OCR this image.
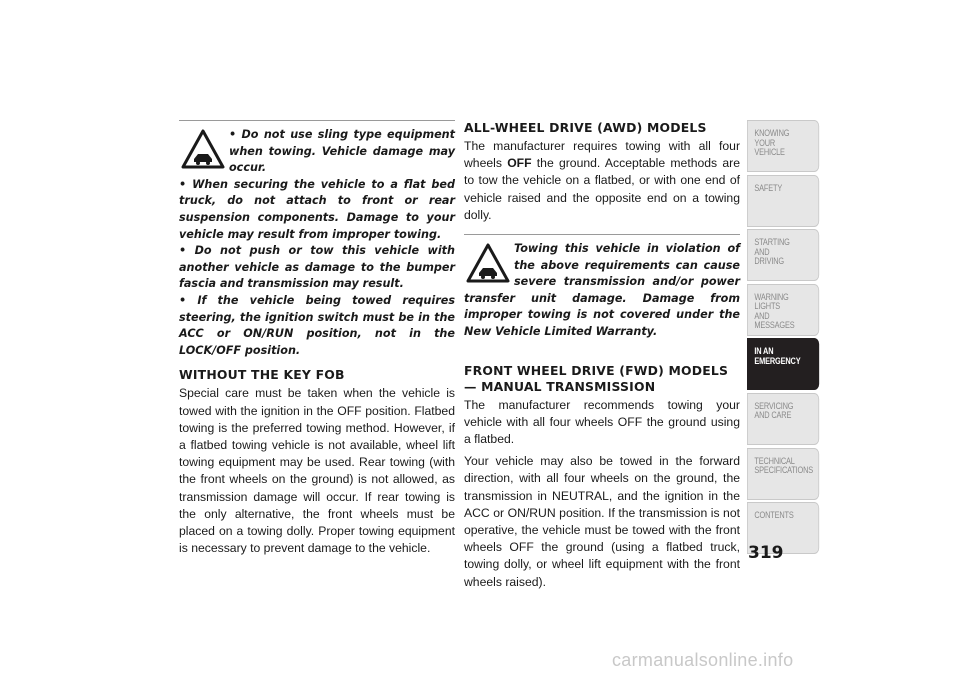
• Do not use sling type equipment when towing. Vehicle damage may occur.

• When securing the vehicle to a flat bed truck, do not attach to front or rear suspension components. Damage to your vehicle may result from improper towing.

• Do not push or tow this vehicle with another vehicle as damage to the bumper fascia and transmission may result.

• If the vehicle being towed requires steering, the ignition switch must be in the ACC or ON/RUN position, not in the LOCK/OFF position.

WITHOUT THE KEY FOB

Special care must be taken when the vehicle is towed with the ignition in the OFF position. Flatbed towing is the preferred towing method. However, if a flatbed towing vehicle is not available, wheel lift towing equipment may be used. Rear towing (with the front wheels on the ground) is not allowed, as transmission damage will occur. If rear towing is the only alternative, the front wheels must be placed on a towing dolly. Proper towing equipment is necessary to prevent damage to the vehicle.

ALL-WHEEL DRIVE (AWD) MODELS

The manufacturer requires towing with all four wheels OFF the ground. Acceptable methods are to tow the vehicle on a flatbed, or with one end of vehicle raised and the opposite end on a towing dolly.

Towing this vehicle in violation of the above requirements can cause severe transmission and/or power transfer unit damage. Damage from improper towing is not covered under the New Vehicle Limited Warranty.

FRONT WHEEL DRIVE (FWD) MODELS — MANUAL TRANSMISSION

The manufacturer recommends towing your vehicle with all four wheels OFF the ground using a flatbed.

Your vehicle may also be towed in the forward direction, with all four wheels on the ground, the transmission in NEUTRAL, and the ignition in the ACC or ON/RUN position. If the transmission is not operative, the vehicle must be towed with the front wheels OFF the ground (using a flatbed truck, towing dolly, or wheel lift equipment with the front wheels raised).

KNOWING
YOUR
VEHICLE
SAFETY
STARTING
AND
DRIVING
WARNING
LIGHTS
AND
MESSAGES
IN AN
EMERGENCY
SERVICING
AND CARE
TECHNICAL
SPECIFICATIONS
CONTENTS
319
carmanualsonline.info
